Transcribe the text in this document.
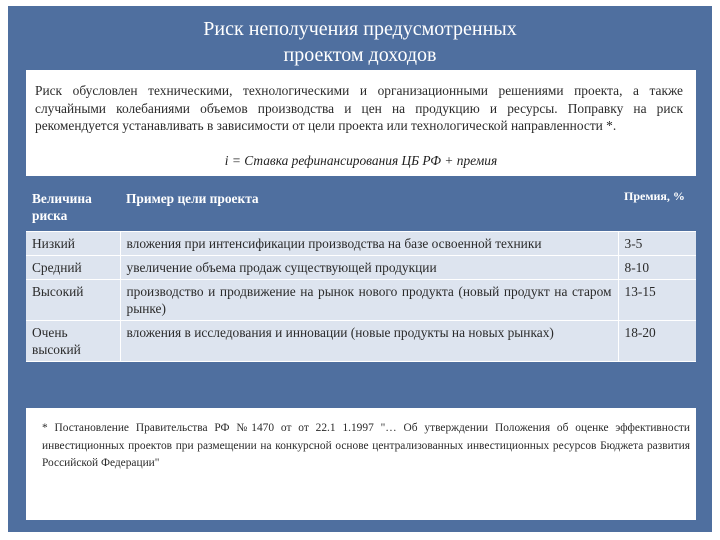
Риск неполучения предусмотренных
проектом доходов
Риск обусловлен техническими, технологическими и организационными решениями проекта, а также случайными колебаниями объемов производства и цен на продукцию и ресурсы. Поправку на риск рекомендуется устанавливать в зависимости от цели проекта или технологической направленности *.
i = Ставка рефинансирования ЦБ РФ + премия
Величина риска	Пример цели проекта	Премия, %
Низкий	вложения при интенсификации производства на базе освоенной техники	3-5
Средний	увеличение объема продаж существующей продукции	8-10
Высокий	производство и продвижение на рынок нового продукта (новый продукт на старом рынке)	13-15
Очень высокий	вложения в исследования и инновации (новые продукты на новых рынках)	18-20
* Постановление Правительства РФ №1470 от от 22.1 1.1997 "… Об утверждении Положения об оценке эффективности инвестиционных проектов при размещении на конкурсной основе централизованных инвестиционных ресурсов Бюджета развития Российской Федерации"
